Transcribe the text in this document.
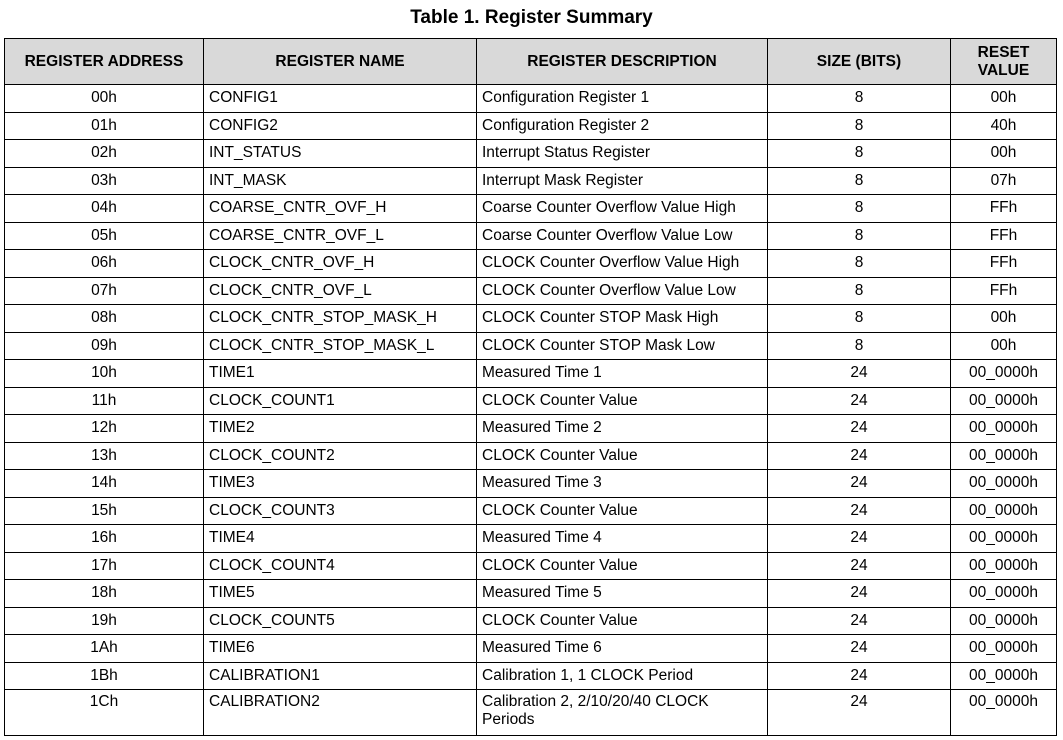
Table 1. Register Summary
REGISTER ADDRESS	REGISTER NAME	REGISTER DESCRIPTION	SIZE (BITS)	RESET VALUE
00h	CONFIG1	Configuration Register 1	8	00h
01h	CONFIG2	Configuration Register 2	8	40h
02h	INT_STATUS	Interrupt Status Register	8	00h
03h	INT_MASK	Interrupt Mask Register	8	07h
04h	COARSE_CNTR_OVF_H	Coarse Counter Overflow Value High	8	FFh
05h	COARSE_CNTR_OVF_L	Coarse Counter Overflow Value Low	8	FFh
06h	CLOCK_CNTR_OVF_H	CLOCK Counter Overflow Value High	8	FFh
07h	CLOCK_CNTR_OVF_L	CLOCK Counter Overflow Value Low	8	FFh
08h	CLOCK_CNTR_STOP_MASK_H	CLOCK Counter STOP Mask High	8	00h
09h	CLOCK_CNTR_STOP_MASK_L	CLOCK Counter STOP Mask Low	8	00h
10h	TIME1	Measured Time 1	24	00_0000h
11h	CLOCK_COUNT1	CLOCK Counter Value	24	00_0000h
12h	TIME2	Measured Time 2	24	00_0000h
13h	CLOCK_COUNT2	CLOCK Counter Value	24	00_0000h
14h	TIME3	Measured Time 3	24	00_0000h
15h	CLOCK_COUNT3	CLOCK Counter Value	24	00_0000h
16h	TIME4	Measured Time 4	24	00_0000h
17h	CLOCK_COUNT4	CLOCK Counter Value	24	00_0000h
18h	TIME5	Measured Time 5	24	00_0000h
19h	CLOCK_COUNT5	CLOCK Counter Value	24	00_0000h
1Ah	TIME6	Measured Time 6	24	00_0000h
1Bh	CALIBRATION1	Calibration 1, 1 CLOCK Period	24	00_0000h
1Ch	CALIBRATION2	Calibration 2, 2/10/20/40 CLOCK Periods	24	00_0000h
